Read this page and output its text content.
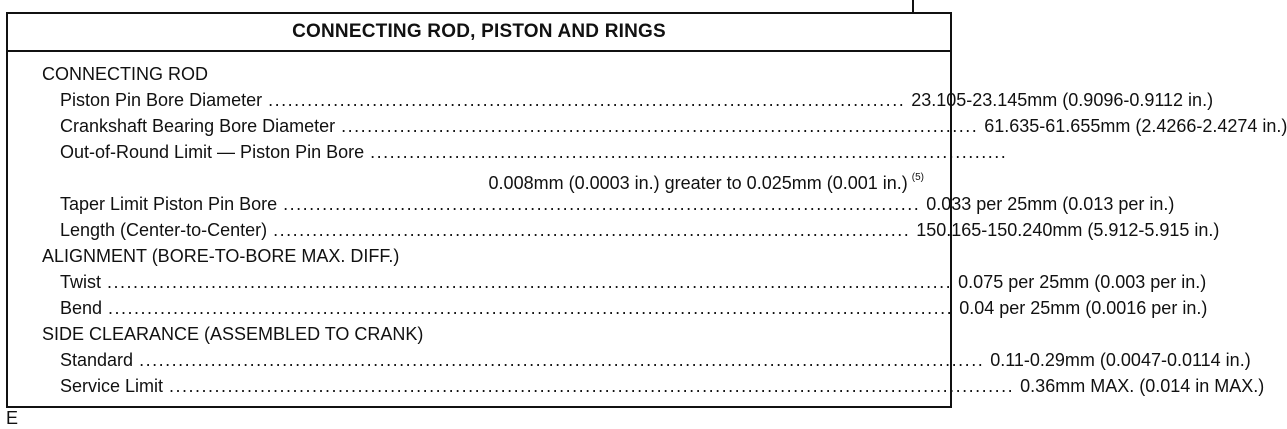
CONNECTING ROD, PISTON AND RINGS
CONNECTING ROD
Piston Pin Bore Diameter .................................................................................................. 23.105-23.145mm (0.9096-0.9112 in.)
Crankshaft Bearing Bore Diameter .................................................................................................. 61.635-61.655mm (2.4266-2.4274 in.)
Out-of-Round Limit — Piston Pin Bore ..................................................................................................
0.008mm (0.0003 in.) greater to 0.025mm (0.001 in.) $^{(5)}$
Taper Limit Piston Pin Bore .................................................................................................. 0.033 per 25mm (0.013 per in.)
Length (Center-to-Center) .................................................................................................. 150.165-150.240mm (5.912-5.915 in.)
ALIGNMENT (BORE-TO-BORE MAX. DIFF.)
Twist .................................................................................................................................. 0.075 per 25mm (0.003 per in.)
Bend .................................................................................................................................. 0.04 per 25mm (0.0016 per in.)
SIDE CLEARANCE (ASSEMBLED TO CRANK)
Standard .................................................................................................................................. 0.11-0.29mm (0.0047-0.0114 in.)
Service Limit .................................................................................................................................. 0.36mm MAX. (0.014 in MAX.)
E
